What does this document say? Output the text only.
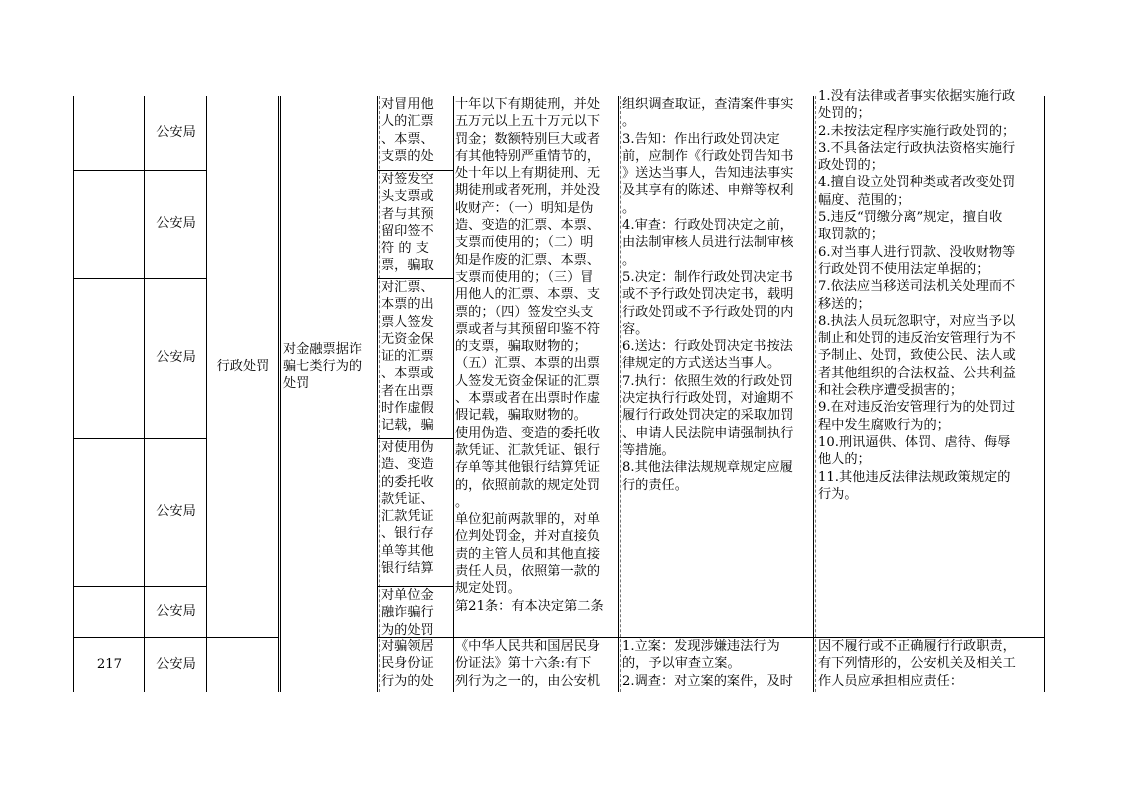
公安局
公安局
公安局
公安局
公安局
行政处罚
对金融票据诈
骗七类行为的
处罚
对冒用他
人的汇票
、本票、
支票的处
对签发空
头支票或
者与其预
留印签不
符 的 支
票，骗取
对汇票、
本票的出
票人签发
无资金保
证的汇票
、本票或
者在出票
时作虚假
记载，骗
对使用伪
造、变造
的委托收
款凭证、
汇款凭证
、银行存
单等其他
银行结算
对单位金
融诈骗行
为的处罚
十年以下有期徒刑，并处
五万元以上五十万元以下
罚金；数额特别巨大或者
有其他特别严重情节的，
处十年以上有期徒刑、无
期徒刑或者死刑，并处没
收财产：（一）明知是伪
造、变造的汇票、本票、
支票而使用的；（二）明
知是作废的汇票、本票、
支票而使用的；（三）冒
用他人的汇票、本票、支
票的；（四）签发空头支
票或者与其预留印鉴不符
的支票，骗取财物的；
（五）汇票、本票的出票
人签发无资金保证的汇票
、本票或者在出票时作虚
假记载，骗取财物的。
使用伪造、变造的委托收
款凭证、汇款凭证、银行
存单等其他银行结算凭证
的，依照前款的规定处罚
。
单位犯前两款罪的，对单
位判处罚金，并对直接负
责的主管人员和其他直接
责任人员，依照第一款的
规定处罚。
第21条：有本决定第二条
组织调查取证，查清案件事实
。
3.告知：作出行政处罚决定
前，应制作《行政处罚告知书
》送达当事人，告知违法事实
及其享有的陈述、申辩等权利
。
4.审查：行政处罚决定之前，
由法制审核人员进行法制审核
。
5.决定：制作行政处罚决定书
或不予行政处罚决定书，载明
行政处罚或不予行政处罚的内
容。
6.送达：行政处罚决定书按法
律规定的方式送达当事人。
7.执行：依照生效的行政处罚
决定执行行政处罚，对逾期不
履行行政处罚决定的采取加罚
、申请人民法院申请强制执行
等措施。
8.其他法律法规规章规定应履
行的责任。
1.没有法律或者事实依据实施行政
处罚的；
2.未按法定程序实施行政处罚的；
3.不具备法定行政执法资格实施行
政处罚的；
4.擅自设立处罚种类或者改变处罚
幅度、范围的；
5.违反“罚缴分离”规定，擅自收
取罚款的；
6.对当事人进行罚款、没收财物等
行政处罚不使用法定单据的；
7.依法应当移送司法机关处理而不
移送的；
8.执法人员玩忽职守，对应当予以
制止和处罚的违反治安管理行为不
予制止、处罚，致使公民、法人或
者其他组织的合法权益、公共利益
和社会秩序遭受损害的；
9.在对违反治安管理行为的处罚过
程中发生腐败行为的；
10.刑讯逼供、体罚、虐待、侮辱
他人的；
11.其他违反法律法规政策规定的
行为。
217	公安局
对骗领居
民身份证
行为的处
《中华人民共和国居民身
份证法》第十六条:有下
列行为之一的，由公安机
1.立案：发现涉嫌违法行为
的，予以审查立案。
2.调查：对立案的案件，及时
因不履行或不正确履行行政职责，
有下列情形的，公安机关及相关工
作人员应承担相应责任：
